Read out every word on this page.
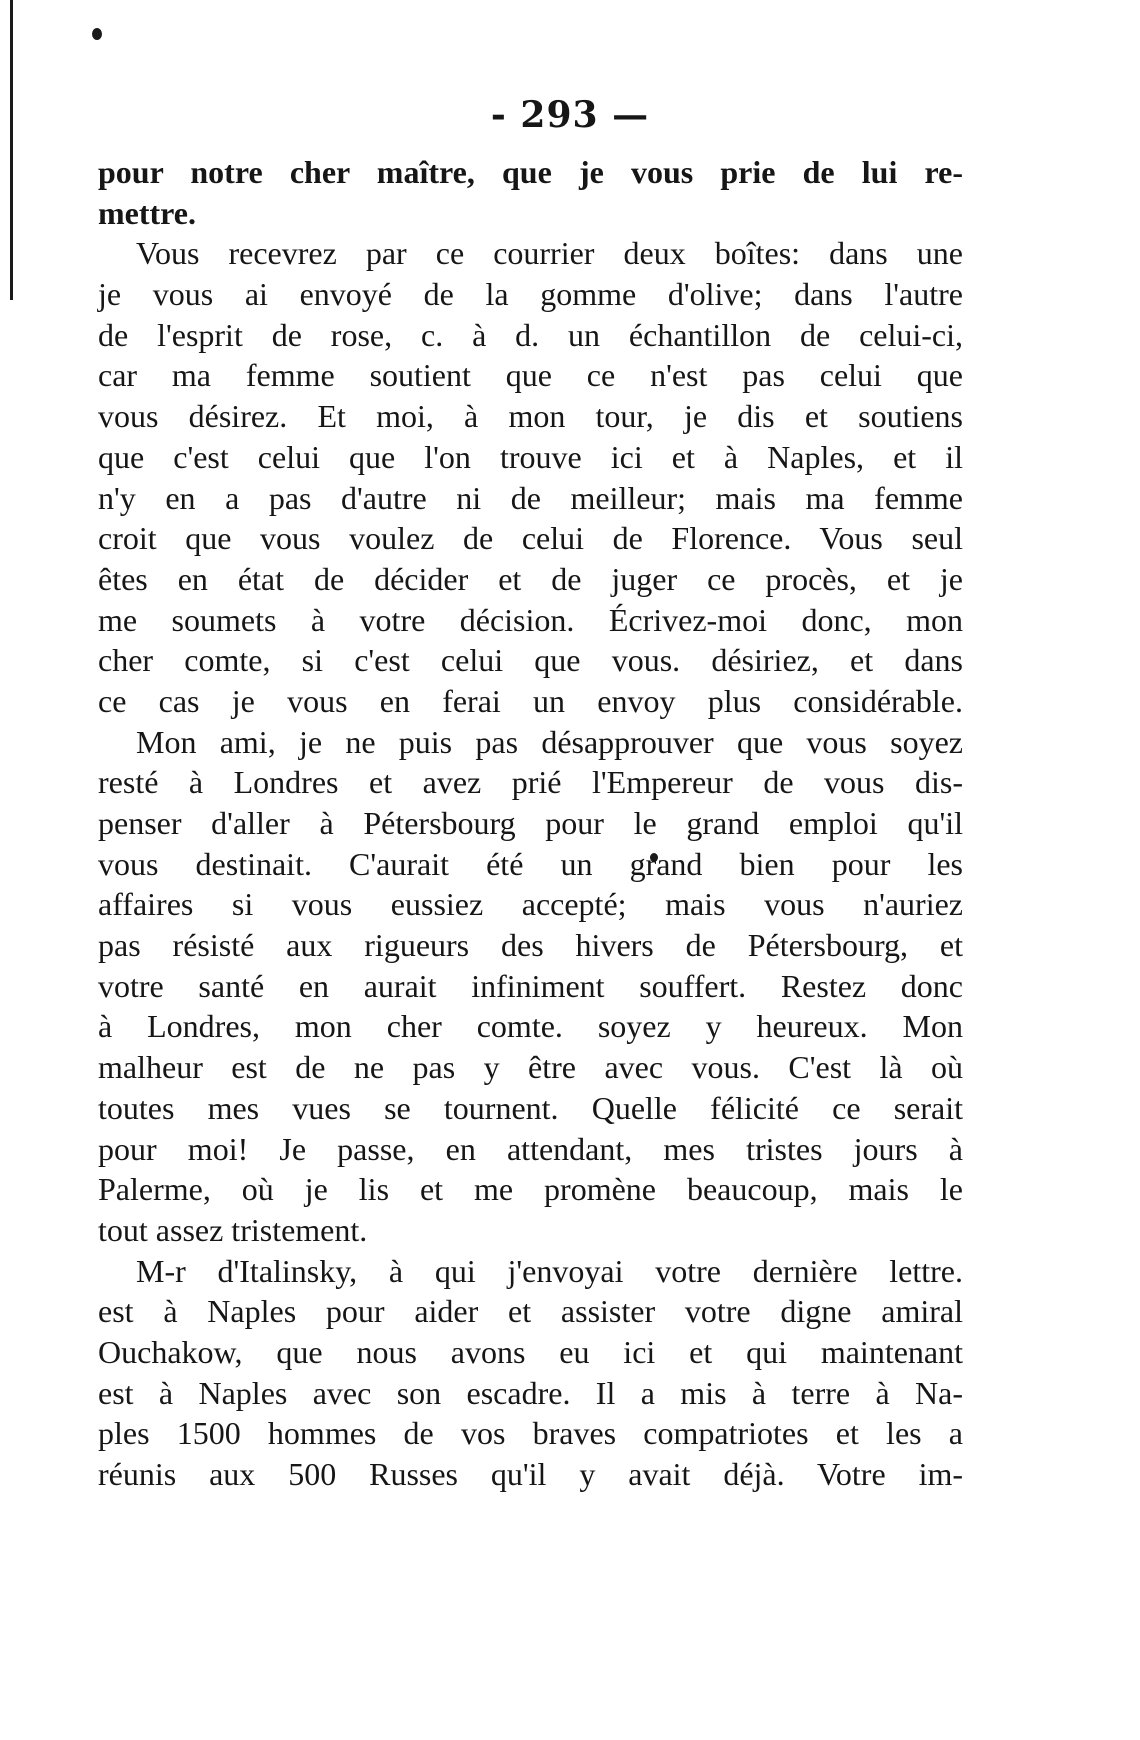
- 293 —
pour notre cher maître, que je vous prie de lui re-
mettre.
Vous recevrez par ce courrier deux boîtes: dans une
je vous ai envoyé de la gomme d'olive; dans l'autre
de l'esprit de rose, c. à d. un échantillon de celui-ci,
car ma femme soutient que ce n'est pas celui que
vous désirez. Et moi, à mon tour, je dis et soutiens
que c'est celui que l'on trouve ici et à Naples, et il
n'y en a pas d'autre ni de meilleur; mais ma femme
croit que vous voulez de celui de Florence. Vous seul
êtes en état de décider et de juger ce procès, et je
me soumets à votre décision. Écrivez-moi donc, mon
cher comte, si c'est celui que vous. désiriez, et dans
ce cas je vous en ferai un envoy plus considérable.
Mon ami, je ne puis pas désapprouver que vous soyez
resté à Londres et avez prié l'Empereur de vous dis-
penser d'aller à Pétersbourg pour le grand emploi qu'il
vous destinait. C'aurait été un grand bien pour les
affaires si vous eussiez accepté; mais vous n'auriez
pas résisté aux rigueurs des hivers de Pétersbourg, et
votre santé en aurait infiniment souffert. Restez donc
à Londres, mon cher comte. soyez y heureux. Mon
malheur est de ne pas y être avec vous. C'est là où
toutes mes vues se tournent. Quelle félicité ce serait
pour moi! Je passe, en attendant, mes tristes jours à
Palerme, où je lis et me promène beaucoup, mais le
tout assez tristement.
M-r d'Italinsky, à qui j'envoyai votre dernière lettre.
est à Naples pour aider et assister votre digne amiral
Ouchakow, que nous avons eu ici et qui maintenant
est à Naples avec son escadre. Il a mis à terre à Na-
ples 1500 hommes de vos braves compatriotes et les a
réunis aux 500 Russes qu'il y avait déjà. Votre im-
